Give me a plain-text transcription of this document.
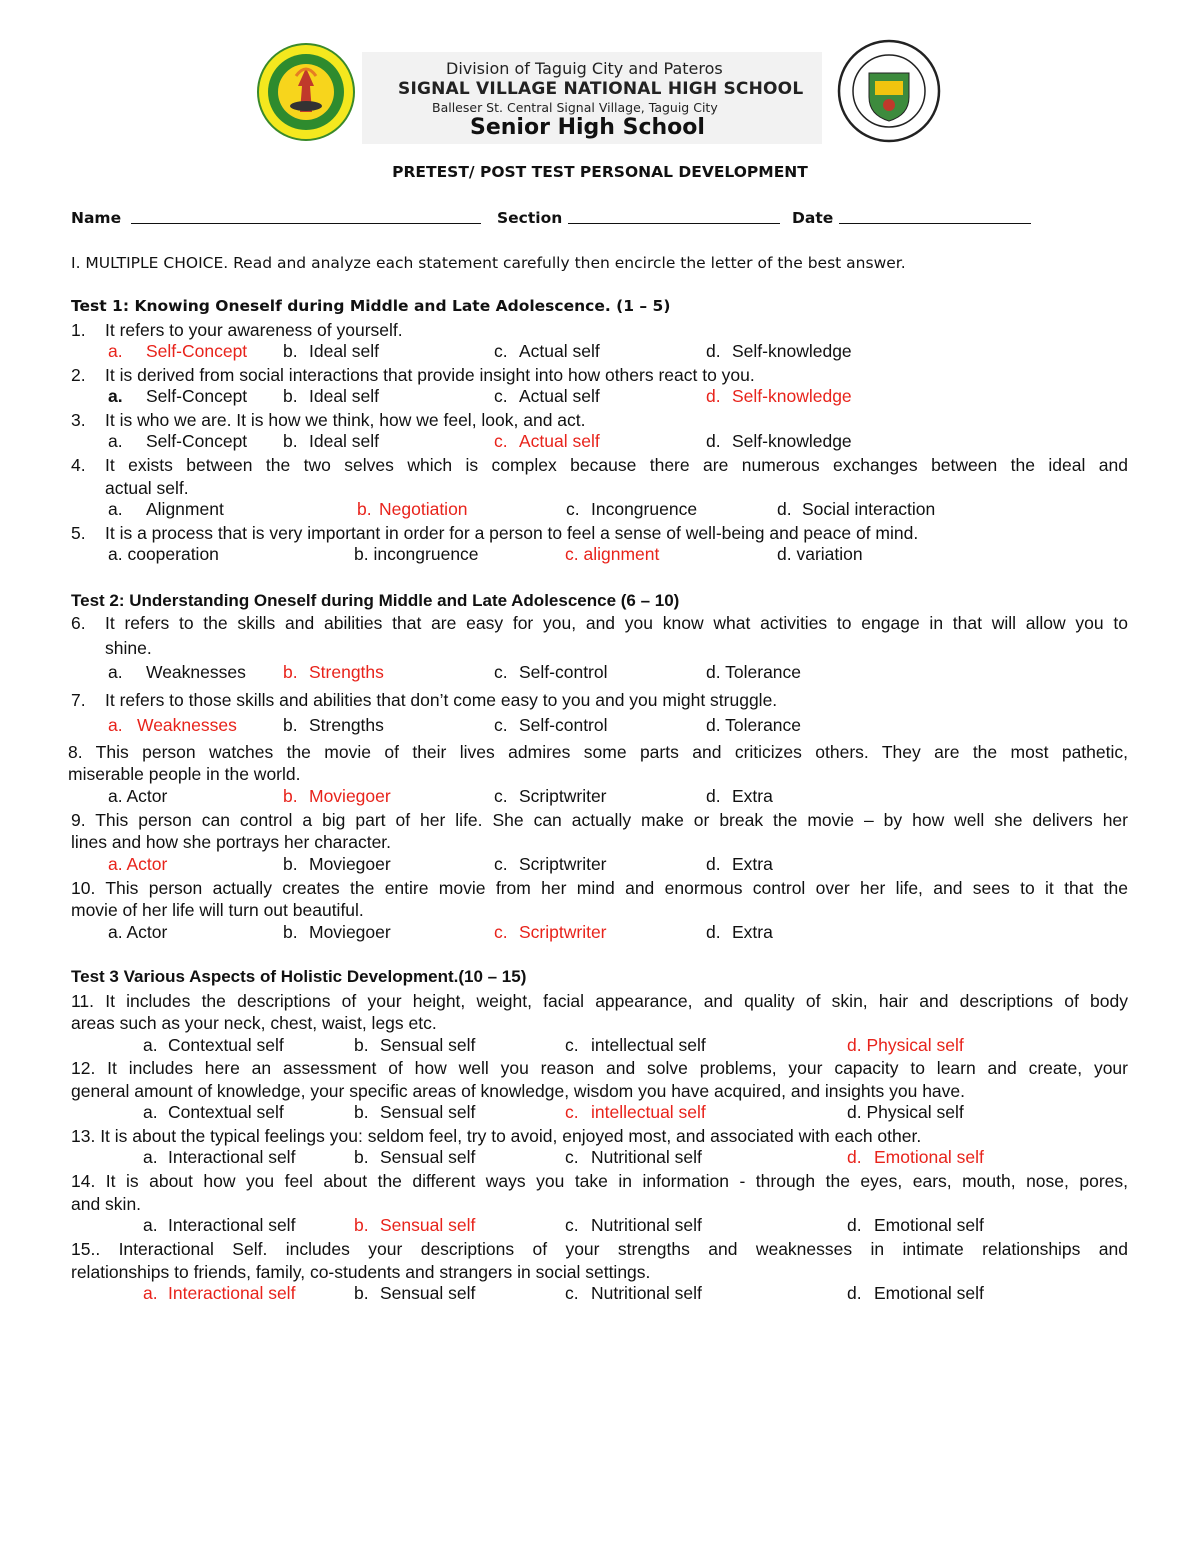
Division of Taguig City and Pateros
SIGNAL VILLAGE NATIONAL HIGH SCHOOL
Balleser St. Central Signal Village, Taguig City
Senior High School
PRETEST/ POST TEST PERSONAL DEVELOPMENT
Name	Section	Date
I. MULTIPLE CHOICE. Read and analyze each statement carefully then encircle the letter of the best answer.
Test 1: Knowing Oneself during Middle and Late Adolescence. (1 – 5)
Test 2: Understanding Oneself during Middle and Late Adolescence (6 – 10)
Test 3 Various Aspects of Holistic Development.(10 – 15)
1. It refers to your awareness of yourself.
a. Self-Concept b. Ideal self	c. Actual self	d. Self-knowledge
2. It is derived from social interactions that provide insight into how others react to you.
a. Self-Concept b. Ideal self	c. Actual self	d. Self-knowledge
3. It is who we are. It is how we think, how we feel, look, and act.
a. Self-Concept b. Ideal self	c. Actual self	d. Self-knowledge
4. It exists between the two selves which is complex because there are numerous exchanges between the ideal and
actual self.
a. Alignment	b. Negotiation	c. Incongruence	d. Social interaction
5. It is a process that is very important in order for a person to feel a sense of well-being and peace of mind.
a. cooperation	b. incongruence	c. alignment	d. variation
6. It refers to the skills and abilities that are easy for you, and you know what activities to engage in that will allow you to
shine.
a. Weaknesses b. Strengths	c. Self-control	d. Tolerance
7. It refers to those skills and abilities that don’t come easy to you and you might struggle.
a. Weaknesses	b. Strengths	c. Self-control	d. Tolerance
8. This person watches the movie of their lives admires some parts and criticizes others. They are the most pathetic,
miserable people in the world.
a. Actor	b. Moviegoer	c. Scriptwriter	d. Extra
9. This person can control a big part of her life. She can actually make or break the movie – by how well she delivers her
lines and how she portrays her character.
a. Actor	b. Moviegoer	c. Scriptwriter	d. Extra
10. This person actually creates the entire movie from her mind and enormous control over her life, and sees to it that the
movie of her life will turn out beautiful.
a. Actor	b. Moviegoer	c. Scriptwriter	d. Extra
11. It includes the descriptions of your height, weight, facial appearance, and quality of skin, hair and descriptions of body
areas such as your neck, chest, waist, legs etc.
a. Contextual self	b. Sensual self	c. intellectual self	d. Physical self
12. It includes here an assessment of how well you reason and solve problems, your capacity to learn and create, your
general amount of knowledge, your specific areas of knowledge, wisdom you have acquired, and insights you have.
a. Contextual self	b. Sensual self	c. intellectual self	d. Physical self
13. It is about the typical feelings you: seldom feel, try to avoid, enjoyed most, and associated with each other.
a. Interactional self	b. Sensual self	c. Nutritional self	d. Emotional self
14. It is about how you feel about the different ways you take in information - through the eyes, ears, mouth, nose, pores,
and skin.
a. Interactional self	b. Sensual self	c. Nutritional self	d. Emotional self
15.. Interactional Self. includes your descriptions of your strengths and weaknesses in intimate relationships and
relationships to friends, family, co-students and strangers in social settings.
a. Interactional self	b. Sensual self	c. Nutritional self	d. Emotional self
